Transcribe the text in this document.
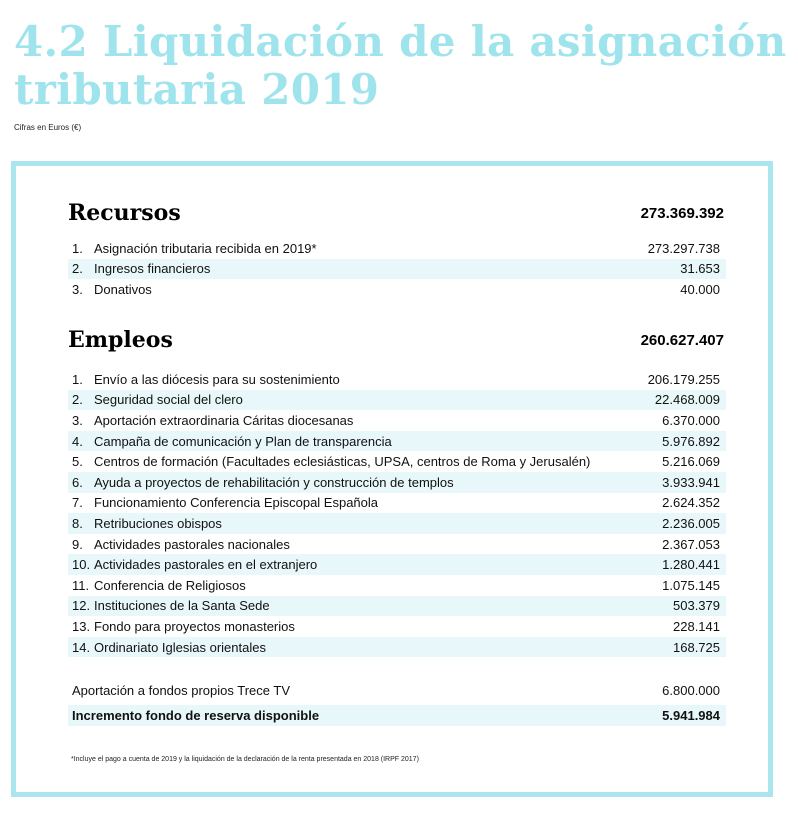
4.2 Liquidación de la asignación
tributaria 2019
Cifras en Euros (€)
Recursos	273.369.392
1. Asignación tributaria recibida en 2019*	273.297.738
2. Ingresos financieros	31.653
3. Donativos	40.000
Empleos	260.627.407
1. Envío a las diócesis para su sostenimiento	206.179.255
2. Seguridad social del clero	22.468.009
3. Aportación extraordinaria Cáritas diocesanas	6.370.000
4. Campaña de comunicación y Plan de transparencia	5.976.892
5. Centros de formación (Facultades eclesiásticas, UPSA, centros de Roma y Jerusalén)	5.216.069
6. Ayuda a proyectos de rehabilitación y construcción de templos	3.933.941
7. Funcionamiento Conferencia Episcopal Española	2.624.352
8. Retribuciones obispos	2.236.005
9. Actividades pastorales nacionales	2.367.053
10. Actividades pastorales en el extranjero	1.280.441
11. Conferencia de Religiosos	1.075.145
12. Instituciones de la Santa Sede	503.379
13. Fondo para proyectos monasterios	228.141
14. Ordinariato Iglesias orientales	168.725
Aportación a fondos propios Trece TV	6.800.000
Incremento fondo de reserva disponible	5.941.984
*Incluye el pago a cuenta de 2019 y la liquidación de la declaración de la renta presentada en 2018 (IRPF 2017)
